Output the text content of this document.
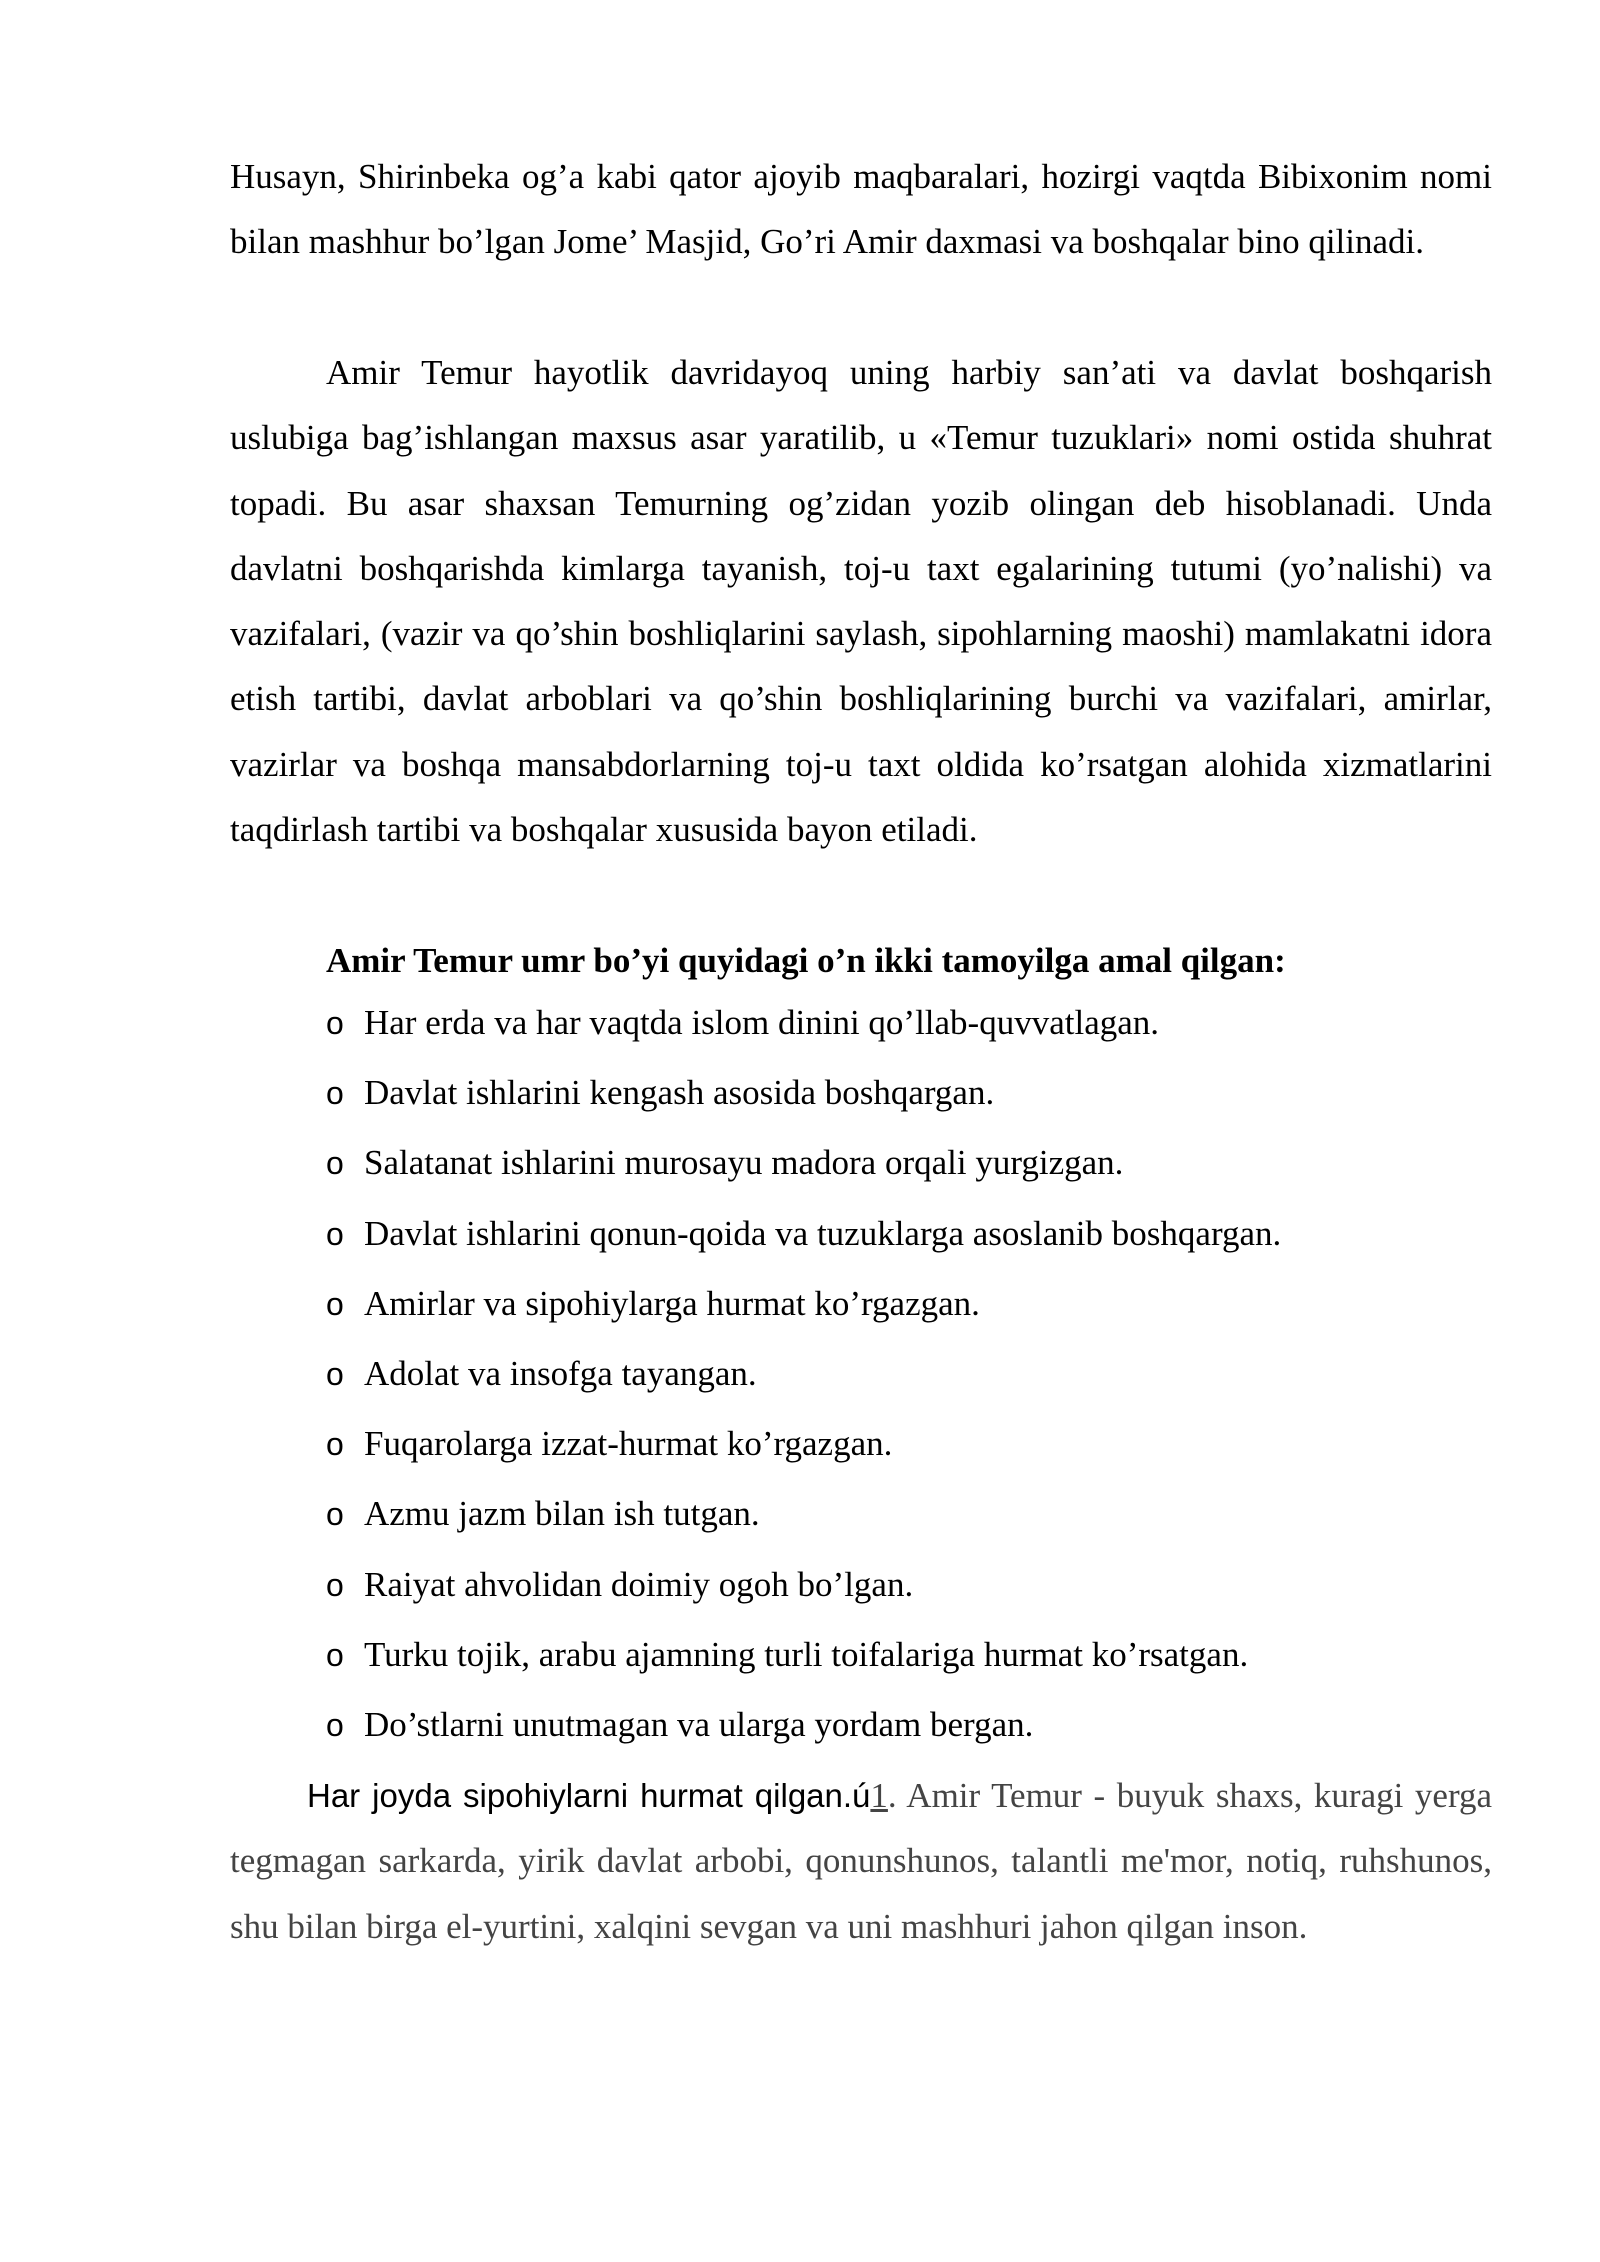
Husayn, Shirinbeka og’a kabi qator ajoyib maqbaralari, hozirgi vaqtda Bibixonim nomi bilan mashhur bo’lgan Jome’ Masjid, Go’ri Amir daxmasi va boshqalar bino qilinadi.

Amir Temur hayotlik davridayoq uning harbiy san’ati va davlat boshqarish uslubiga bag’ishlangan maxsus asar yaratilib, u «Temur tuzuklari» nomi ostida shuhrat topadi. Bu asar shaxsan Temurning og’zidan yozib olingan deb hisoblanadi. Unda davlatni boshqarishda kimlarga tayanish, toj-u taxt egalarining tutumi (yo’nalishi) va vazifalari, (vazir va qo’shin boshliqlarini saylash, sipohlarning maoshi) mamlakatni idora etish tartibi, davlat arboblari va qo’shin boshliqlarining burchi va vazifalari, amirlar, vazirlar va boshqa mansabdorlarning toj-u taxt oldida ko’rsatgan alohida xizmatlarini taqdirlash tartibi va boshqalar xususida bayon etiladi.

Amir Temur umr bo’yi quyidagi o’n ikki tamoyilga amal qilgan:

o Har erda va har vaqtda islom dinini qo’llab-quvvatlagan.
o Davlat ishlarini kengash asosida boshqargan.
o Salatanat ishlarini murosayu madora orqali yurgizgan.
o Davlat ishlarini qonun-qoida va tuzuklarga asoslanib boshqargan.
o Amirlar va sipohiylarga hurmat ko’rgazgan.
o Adolat va insofga tayangan.
o Fuqarolarga izzat-hurmat ko’rgazgan.
o Azmu jazm bilan ish tutgan.
o Raiyat ahvolidan doimiy ogoh bo’lgan.
o Turku tojik, arabu ajamning turli toifalariga hurmat ko’rsatgan.
o Do’stlarni unutmagan va ularga yordam bergan.

Har joyda sipohiylarni hurmat qilgan.ú1. Amir Temur - buyuk shaxs, kuragi yerga tegmagan sarkarda, yirik davlat arbobi, qonunshunos, talantli me'mor, notiq, ruhshunos, shu bilan birga el-yurtini, xalqini sevgan va uni mashhuri jahon qilgan inson.
